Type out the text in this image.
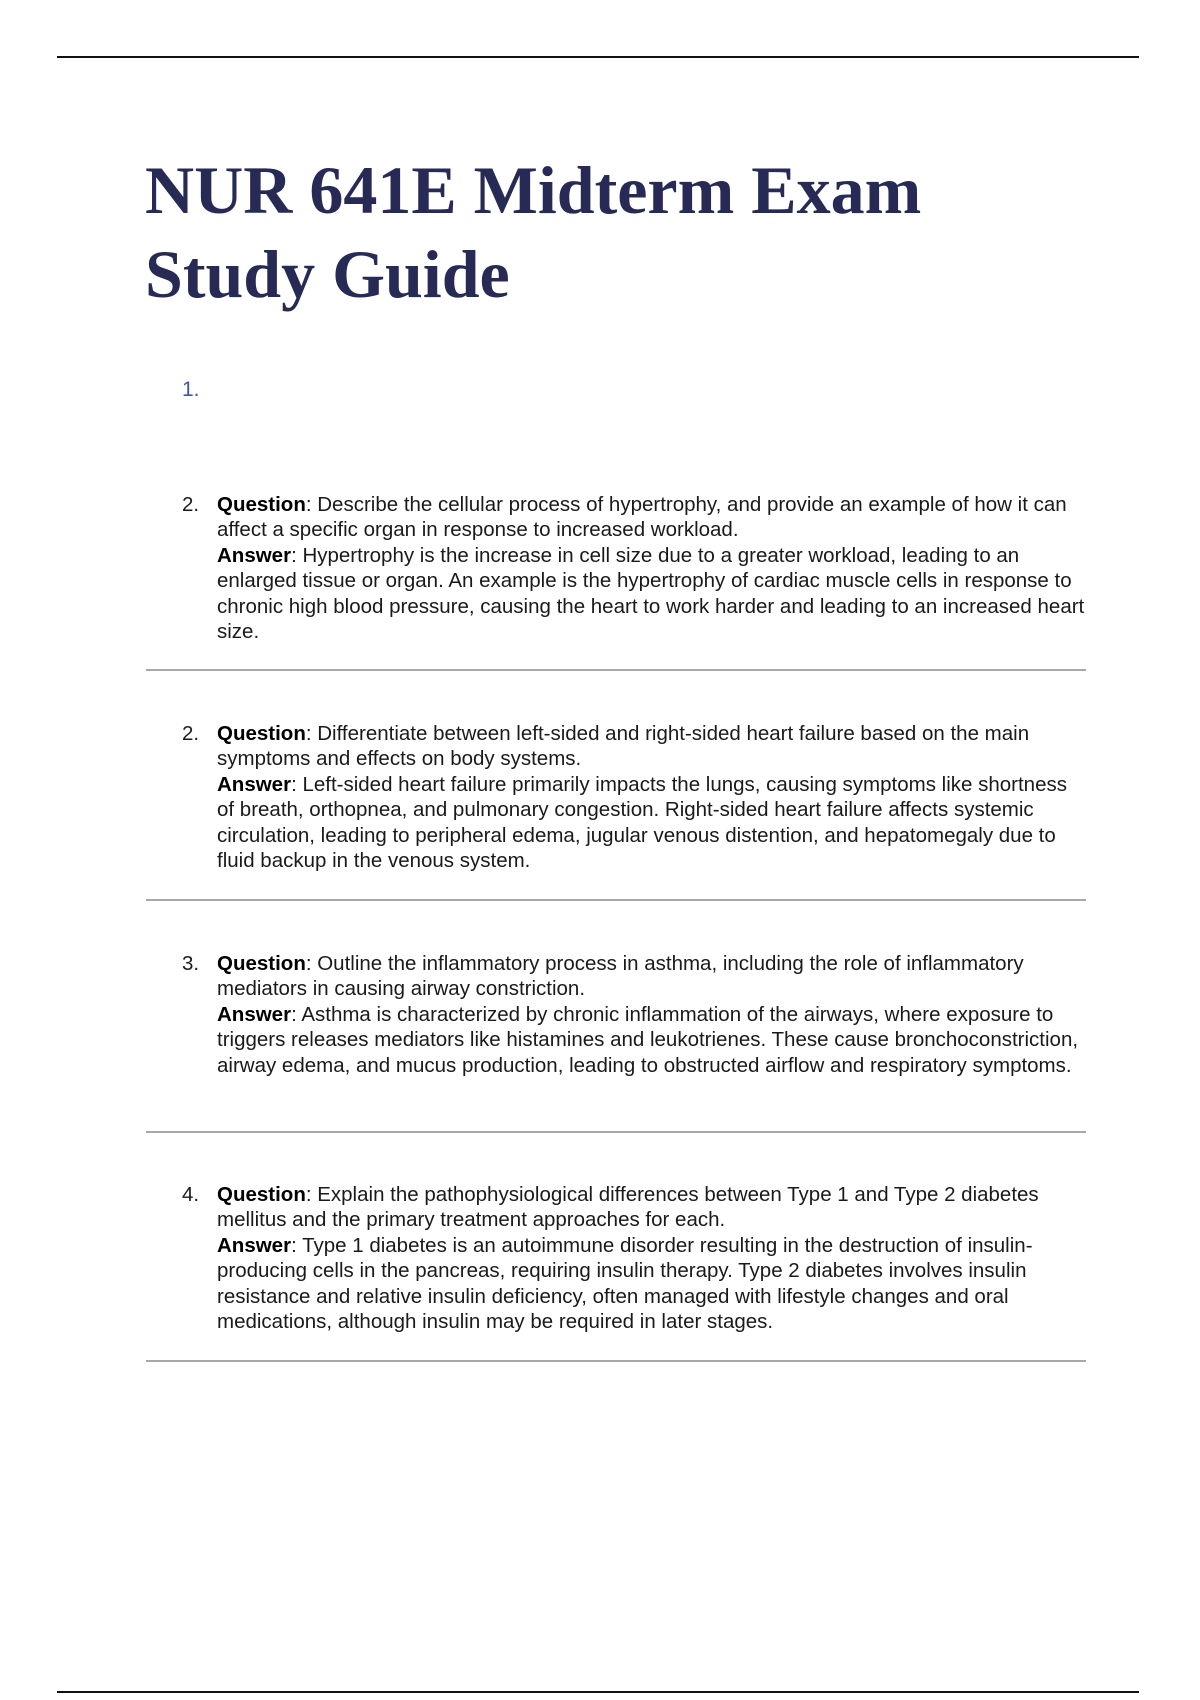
NUR 641E Midterm Exam Study Guide
1.
2. Question: Describe the cellular process of hypertrophy, and provide an example of how it can affect a specific organ in response to increased workload.
Answer: Hypertrophy is the increase in cell size due to a greater workload, leading to an enlarged tissue or organ. An example is the hypertrophy of cardiac muscle cells in response to chronic high blood pressure, causing the heart to work harder and leading to an increased heart size.
2. Question: Differentiate between left-sided and right-sided heart failure based on the main symptoms and effects on body systems.
Answer: Left-sided heart failure primarily impacts the lungs, causing symptoms like shortness of breath, orthopnea, and pulmonary congestion. Right-sided heart failure affects systemic circulation, leading to peripheral edema, jugular venous distention, and hepatomegaly due to fluid backup in the venous system.
3. Question: Outline the inflammatory process in asthma, including the role of inflammatory mediators in causing airway constriction.
Answer: Asthma is characterized by chronic inflammation of the airways, where exposure to triggers releases mediators like histamines and leukotrienes. These cause bronchoconstriction, airway edema, and mucus production, leading to obstructed airflow and respiratory symptoms.
4. Question: Explain the pathophysiological differences between Type 1 and Type 2 diabetes mellitus and the primary treatment approaches for each.
Answer: Type 1 diabetes is an autoimmune disorder resulting in the destruction of insulin-producing cells in the pancreas, requiring insulin therapy. Type 2 diabetes involves insulin resistance and relative insulin deficiency, often managed with lifestyle changes and oral medications, although insulin may be required in later stages.
